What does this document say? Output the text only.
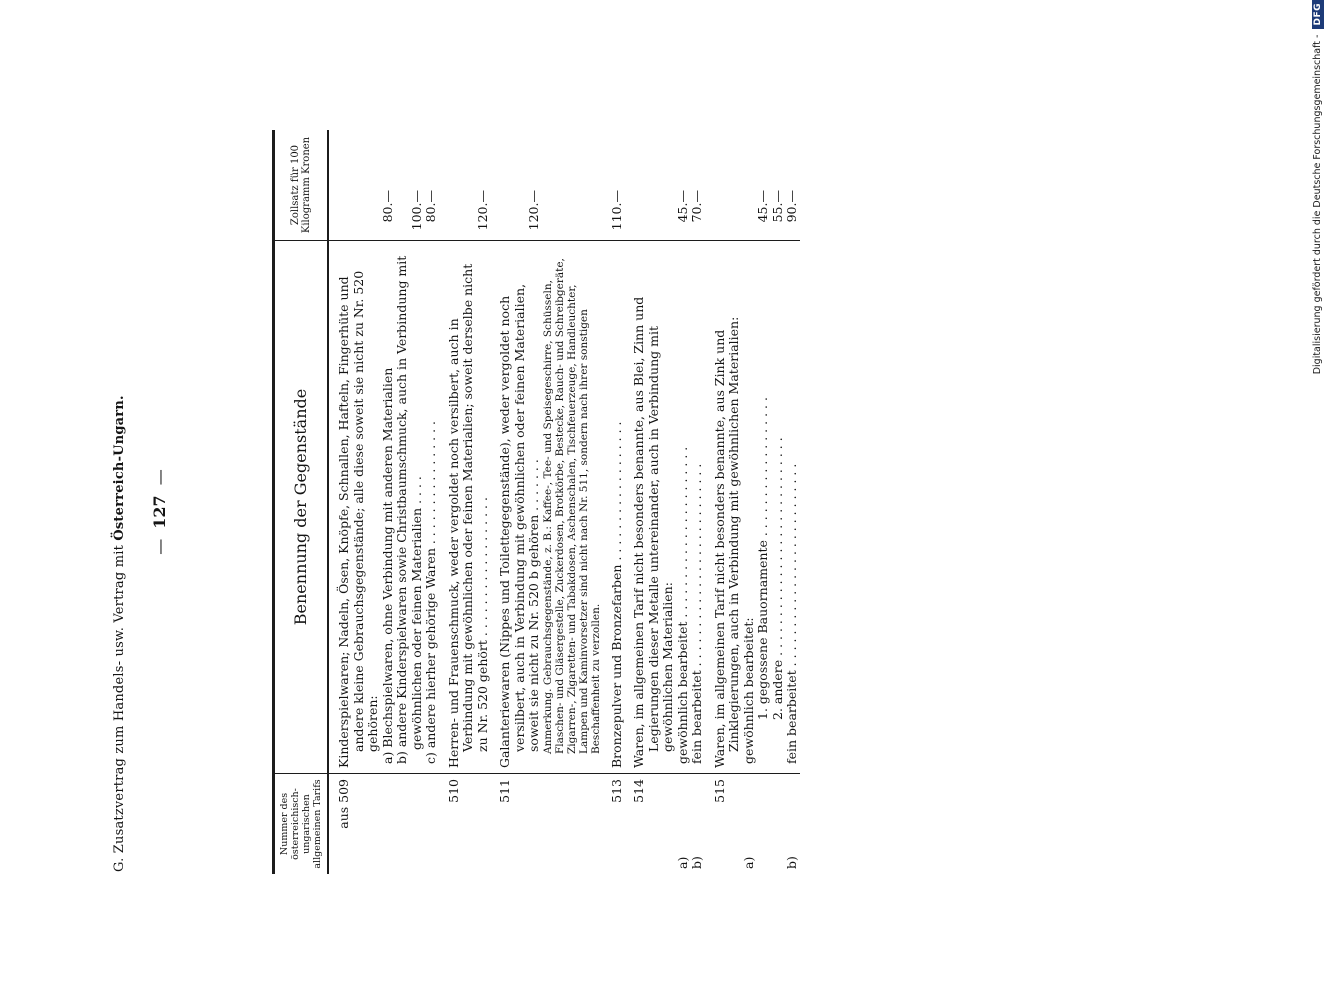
G. Zusatzvertrag zum Handels- usw. Vertrag mit Österreich-Ungarn.
—127—
Nummer des österreichisch-ungarischen allgemeinen Tarifs	Benennung der Gegenstände	Zollsatz für 100 Kilogramm Kronen

aus 509	Kinderspielwaren; Nadeln, Ösen, Knöpfe, Schnallen, Hafteln, Fingerhüte und andere kleine Gebrauchsgegenstände; alle diese soweit sie nicht zu Nr. 520 gehören:	

	a) Blechspielwaren, ohne Verbindung mit anderen Materialien	80.—

	b) andere Kinderspielwaren sowie Christbaumschmuck, auch in Verbindung mit gewöhnlichen oder feinen Materialien . . . .	100.—

	c) andere hierher gehörige Waren . . . . . . . . . . . . . . . .	80.—

510	Herren- und Frauenschmuck, weder vergoldet noch versilbert, auch in Verbindung mit gewöhnlichen oder feinen Materialien; soweit derselbe nicht zu Nr. 520 gehört . . . . . . . . . . . . . . . . . .	120.—

511	Galanteriewaren (Nippes und Toilettegegenstände), weder vergoldet noch versilbert, auch in Verbindung mit gewöhnlichen oder feinen Materialien, soweit sie nicht zu Nr. 520 b gehören . . . . . . .	120.—

	Anmerkung. Gebrauchsgegenstände, z. B.: Kaffee-, Tee- und Speisegeschirre, Schüsseln, Flaschen- und Gläsergestelle, Zuckerdosen, Brotkörbe, Bestecke, Rauch- und Schreibgeräte, Zigarren-, Zigaretten- und Tabakdosen, Aschenschalen, Tischfeuerzeuge, Handleuchter, Lampen und Kaminvorsetzer sind nicht nach Nr. 511, sondern nach ihrer sonstigen Beschaffenheit zu verzollen.	

513	Bronzepulver und Bronzefarben . . . . . . . . . . . . . . . . . .	110.—

514	Waren, im allgemeinen Tarif nicht besonders benannte, aus Blei, Zinn und Legierungen dieser Metalle untereinander, auch in Verbindung mit gewöhnlichen Materialien:	

a)	gewöhnlich bearbeitet . . . . . . . . . . . . . . . . . . . . . .	45.—

b)	fein bearbeitet . . . . . . . . . . . . . . . . . . . . . . . . . .	70.—

515	Waren, im allgemeinen Tarif nicht besonders benannte, aus Zink und Zinklegierungen, auch in Verbindung mit gewöhnlichen Materialien:	

a)	gewöhnlich bearbeitet:	

	1. gegossene Bauornamente . . . . . . . . . . . . . . . . . .	45.—

	2. andere . . . . . . . . . . . . . . . . . . . . . . . . . . . .	55.—

b)	fein bearbeitet . . . . . . . . . . . . . . . . . . . . . . . . . .	90.—	Digitalisierung gefördert durch die Deutsche Forschungsgemeinschaft - DFG
